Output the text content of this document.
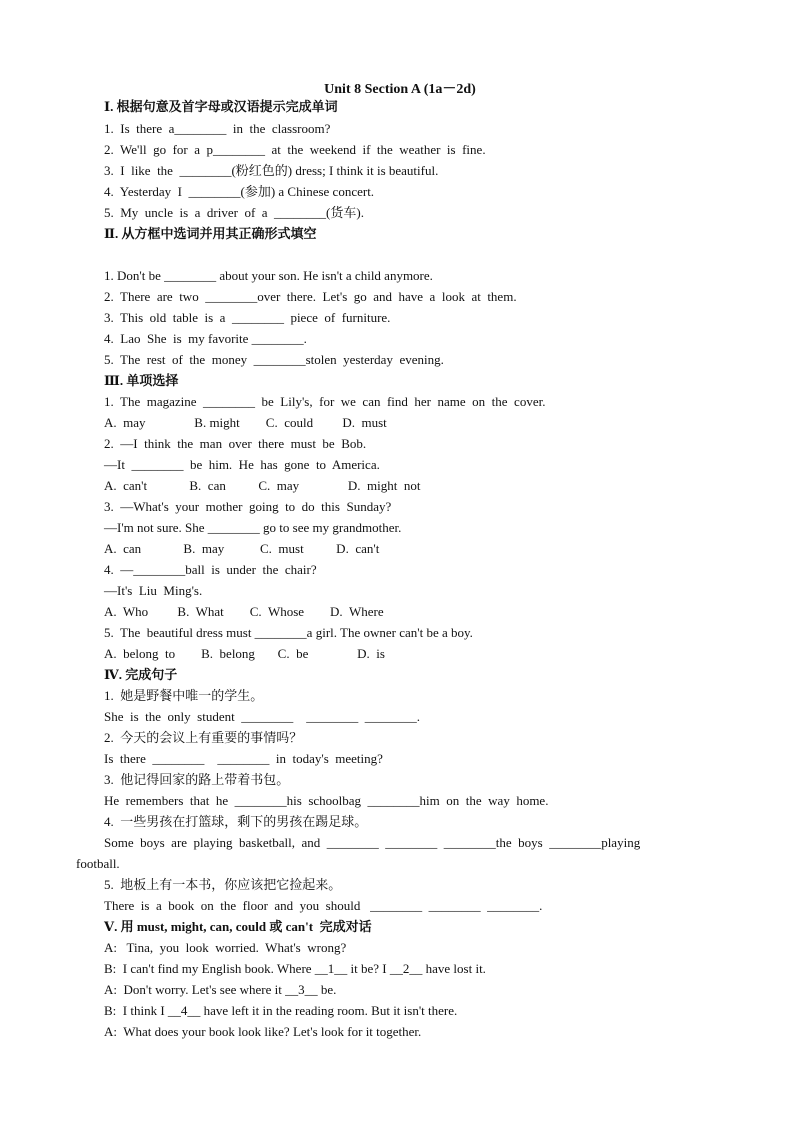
Unit 8 Section A (1a－2d)
Ⅰ. 根据句意及首字母或汉语提示完成单词
1.  Is  there  a________  in  the  classroom?
2.  We'll  go  for  a  p________  at  the  weekend  if  the  weather  is  fine.
3.  I  like  the  ________(粉红色的) dress; I think it is beautiful.
4.  Yesterday  I  ________(参加) a Chinese concert.
5.  My  uncle  is  a  driver  of  a  ________(货车).
Ⅱ. 从方框中选词并用其正确形式填空
1. Don't be ________ about your son. He isn't a child anymore.
2.  There  are  two  ________over  there.  Let's  go  and  have  a  look  at  them.
3.  This  old  table  is  a  ________  piece  of  furniture.
4.  Lao  She  is  my favorite ________.
5.  The  rest  of  the  money  ________stolen  yesterday  evening.
Ⅲ. 单项选择
1.  The  magazine  ________  be  Lily's,  for  we  can  find  her  name  on  the  cover.
A.  may               B. might        C.  could         D.  must
2.  —I  think  the  man  over  there  must  be  Bob.
—It  ________  be  him.  He  has  gone  to  America.
A.  can't             B.  can          C.  may               D.  might  not
3.  —What's  your  mother  going  to  do  this  Sunday?
—I'm not sure. She ________ go to see my grandmother.
A.  can             B.  may           C.  must          D.  can't
4.  —________ball  is  under  the  chair?
—It's  Liu  Ming's.
A.  Who         B.  What        C.  Whose        D.  Where
5.  The  beautiful dress must ________a girl. The owner can't be a boy.
A.  belong  to        B.  belong       C.  be               D.  is
Ⅳ. 完成句子
1.  她是野餐中唯一的学生。
She  is  the  only  student  ________    ________  ________.
2.  今天的会议上有重要的事情吗？
Is  there  ________    ________  in  today's  meeting?
3.  他记得回家的路上带着书包。
He  remembers  that  he  ________his  schoolbag  ________him  on  the  way  home.
4.  一些男孩在打篮球，剩下的男孩在踢足球。
Some  boys  are  playing  basketball,  and  ________  ________  ________the  boys  ________playing
football.
5.  地板上有一本书，你应该把它捡起来。
There  is  a  book  on  the  floor  and  you  should   ________  ________  ________.
Ⅴ. 用 must, might, can, could 或 can't  完成对话
A:   Tina,  you  look  worried.  What's  wrong?
B:  I can't find my English book. Where __1__ it be? I __2__ have lost it.
A:  Don't worry. Let's see where it __3__ be.
B:  I think I __4__ have left it in the reading room. But it isn't there.
A:  What does your book look like? Let's look for it together.
